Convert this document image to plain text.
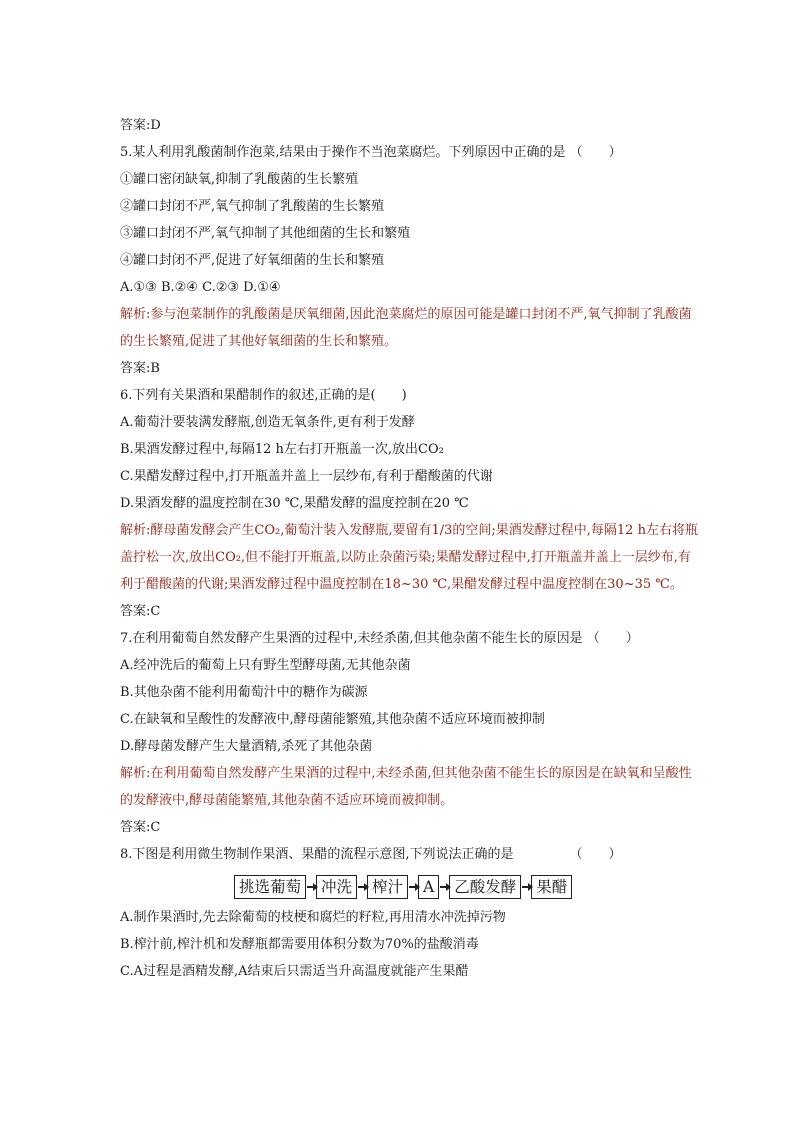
答案:D
5.某人利用乳酸菌制作泡菜,结果由于操作不当泡菜腐烂。下列原因中正确的是 （　　）
①罐口密闭缺氧,抑制了乳酸菌的生长繁殖
②罐口封闭不严,氧气抑制了乳酸菌的生长繁殖
③罐口封闭不严,氧气抑制了其他细菌的生长和繁殖
④罐口封闭不严,促进了好氧细菌的生长和繁殖
A.①③ B.②④ C.②③ D.①④
解析:参与泡菜制作的乳酸菌是厌氧细菌,因此泡菜腐烂的原因可能是罐口封闭不严,氧气抑制了乳酸菌的生长繁殖,促进了其他好氧细菌的生长和繁殖。
答案:B
6.下列有关果酒和果醋制作的叙述,正确的是(　　)
A.葡萄汁要装满发酵瓶,创造无氧条件,更有利于发酵
B.果酒发酵过程中,每隔12 h左右打开瓶盖一次,放出CO₂
C.果醋发酵过程中,打开瓶盖并盖上一层纱布,有利于醋酸菌的代谢
D.果酒发酵的温度控制在30 ℃,果醋发酵的温度控制在20 ℃
解析:酵母菌发酵会产生CO₂,葡萄汁装入发酵瓶,要留有1/3的空间;果酒发酵过程中,每隔12 h左右将瓶盖拧松一次,放出CO₂,但不能打开瓶盖,以防止杂菌污染;果醋发酵过程中,打开瓶盖并盖上一层纱布,有利于醋酸菌的代谢;果酒发酵过程中温度控制在18~30 ℃,果醋发酵过程中温度控制在30~35 ℃。
答案:C
7.在利用葡萄自然发酵产生果酒的过程中,未经杀菌,但其他杂菌不能生长的原因是 （　　）
A.经冲洗后的葡萄上只有野生型酵母菌,无其他杂菌
B.其他杂菌不能利用葡萄汁中的糖作为碳源
C.在缺氧和呈酸性的发酵液中,酵母菌能繁殖,其他杂菌不适应环境而被抑制
D.酵母菌发酵产生大量酒精,杀死了其他杂菌
解析:在利用葡萄自然发酵产生果酒的过程中,未经杀菌,但其他杂菌不能生长的原因是在缺氧和呈酸性的发酵液中,酵母菌能繁殖,其他杂菌不适应环境而被抑制。
答案:C
8.下图是利用微生物制作果酒、果醋的流程示意图,下列说法正确的是	（　　）
挑选葡萄	冲洗	榨汁	A	乙酸发酵	果醋
A.制作果酒时,先去除葡萄的枝梗和腐烂的籽粒,再用清水冲洗掉污物
B.榨汁前,榨汁机和发酵瓶都需要用体积分数为70%的盐酸消毒
C.A过程是酒精发酵,A结束后只需适当升高温度就能产生果醋
